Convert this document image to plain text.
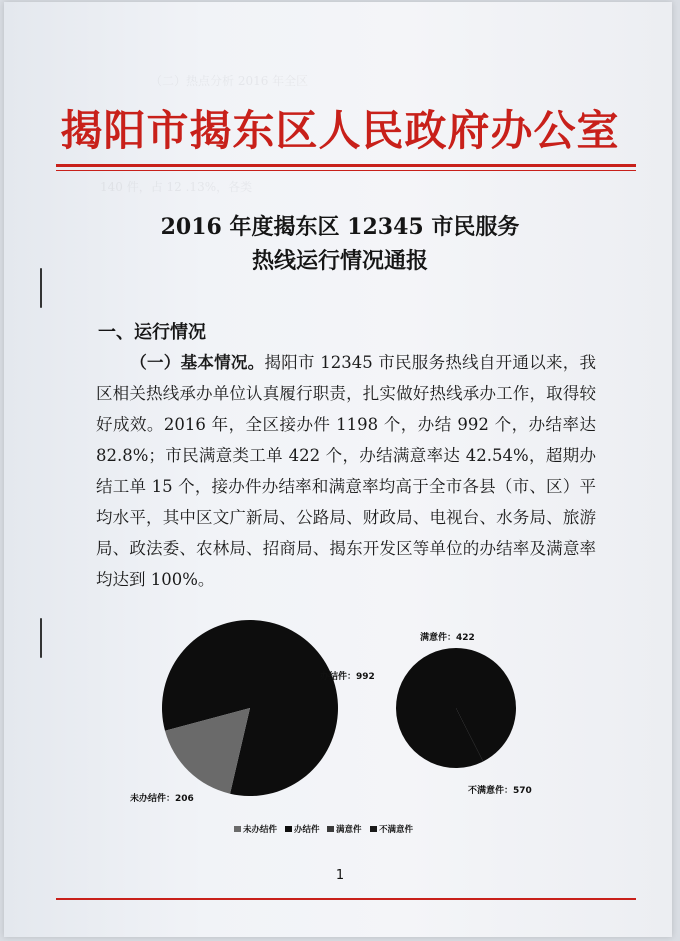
（二）热点分析 2016 年全区
140 件，占 12 .13%，各类
揭阳市揭东区人民政府办公室
2016 年度揭东区 12345 市民服务
热线运行情况通报
一、运行情况
（一）基本情况。揭阳市 12345 市民服务热线自开通以来，我区相关热线承办单位认真履行职责，扎实做好热线承办工作，取得较好成效。2016 年，全区接办件 1198 个，办结 992 个，办结率达 82.8%；市民满意类工单 422 个，办结满意率达 42.54%，超期办结工单 15 个，接办件办结率和满意率均高于全市各县（市、区）平均水平，其中区文广新局、公路局、财政局、电视台、水务局、旅游局、政法委、农林局、招商局、揭东开发区等单位的办结率及满意率均达到 100%。
办结件：992
未办结件：206
满意件：422
不满意件：570
未办结件 办结件 满意件 不满意件
1
